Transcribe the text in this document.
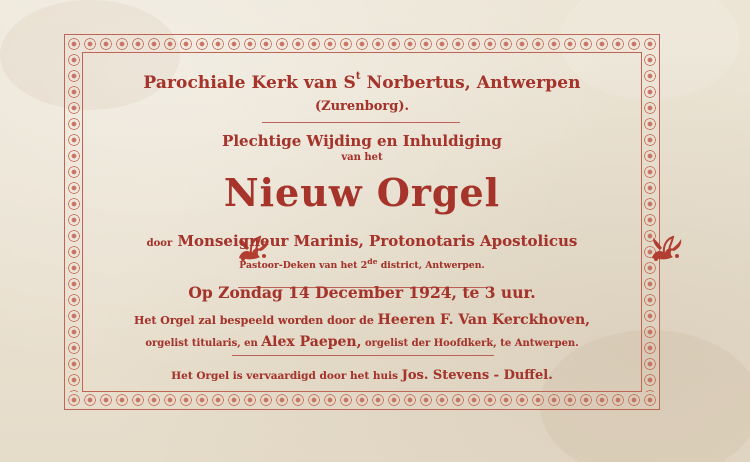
Parochiale Kerk van $S^t$ Norbertus, Antwerpen
(Zurenborg).
Plechtige Wijding en Inhuldiging
van het
Nieuw Orgel
door Monseigneur Marinis, Protonotaris Apostolicus
Pastoor-Deken van het 2de district, Antwerpen.
Op Zondag 14 December 1924, te 3 uur.
Het Orgel zal bespeeld worden door de Heeren F. Van Kerckhoven,
orgelist titularis, en Alex Paepen, orgelist der Hoofdkerk, te Antwerpen.
Het Orgel is vervaardigd door het huis Jos. Stevens - Duffel.
